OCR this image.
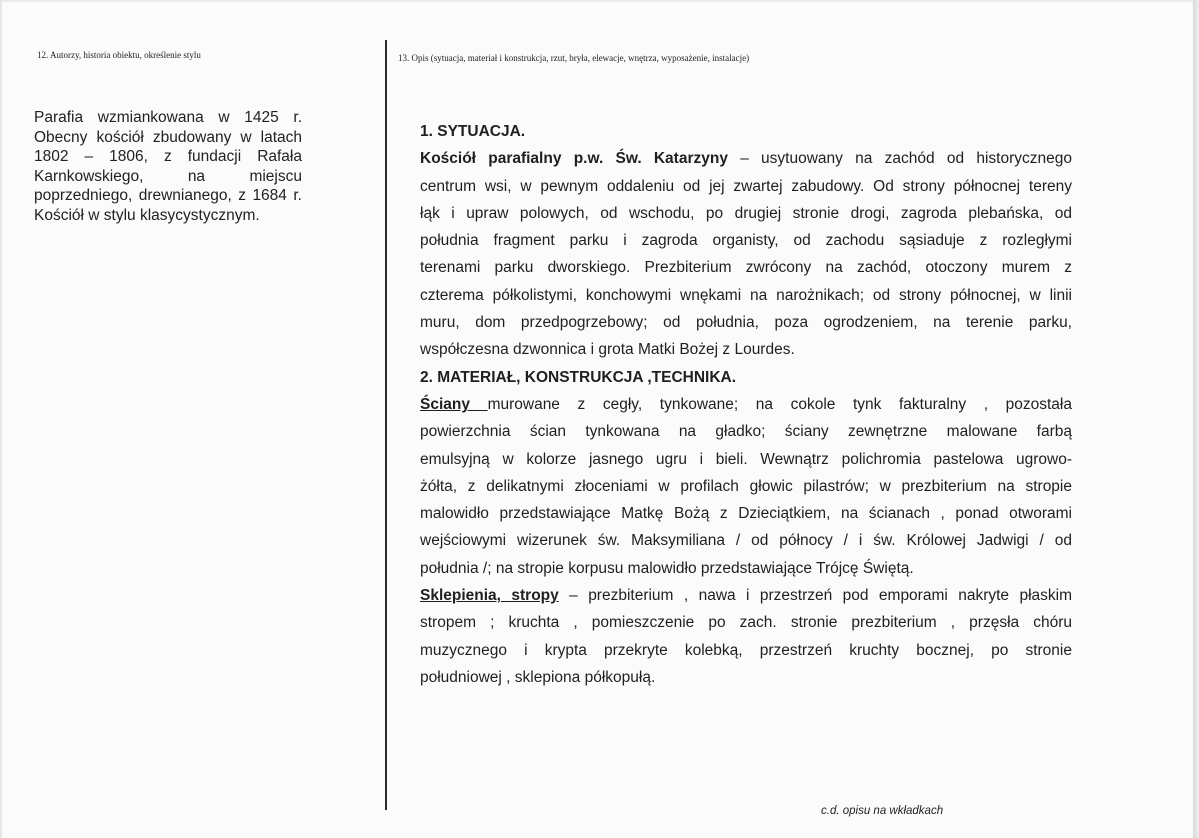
12. Autorzy, historia obiektu, określenie stylu	13. Opis (sytuacja, materiał i konstrukcja, rzut, bryła, elewacje, wnętrza, wyposażenie, instalacje)
Parafia wzmiankowana w 1425 r.
Obecny kościół zbudowany w latach
1802 – 1806, z fundacji Rafała
Karnkowskiego, na miejscu
poprzedniego, drewnianego, z 1684 r.
Kościół w stylu klasycystycznym.
1. SYTUACJA.
Kościół parafialny p.w. Św. Katarzyny – usytuowany na zachód od historycznego
centrum wsi, w pewnym oddaleniu od jej zwartej zabudowy. Od strony północnej tereny
łąk i upraw polowych, od wschodu, po drugiej stronie drogi, zagroda plebańska, od
południa fragment parku i zagroda organisty, od zachodu sąsiaduje z rozległymi
terenami parku dworskiego. Prezbiterium zwrócony na zachód, otoczony murem z
czterema półkolistymi, konchowymi wnękami na narożnikach; od strony północnej, w linii
muru, dom przedpogrzebowy; od południa, poza ogrodzeniem, na terenie parku,
współczesna dzwonnica i grota Matki Bożej z Lourdes.
2. MATERIAŁ, KONSTRUKCJA ,TECHNIKA.
Ściany murowane z cegły, tynkowane; na cokole tynk fakturalny , pozostała
powierzchnia ścian tynkowana na gładko; ściany zewnętrzne malowane farbą
emulsyjną w kolorze jasnego ugru i bieli. Wewnątrz polichromia pastelowa ugrowo-
żółta, z delikatnymi złoceniami w profilach głowic pilastrów; w prezbiterium na stropie
malowidło przedstawiające Matkę Bożą z Dzieciątkiem, na ścianach , ponad otworami
wejściowymi wizerunek św. Maksymiliana / od północy / i św. Królowej Jadwigi / od
południa /; na stropie korpusu malowidło przedstawiające Trójcę Świętą.
Sklepienia, stropy – prezbiterium , nawa i przestrzeń pod emporami nakryte płaskim
stropem ; kruchta , pomieszczenie po zach. stronie prezbiterium , przęsła chóru
muzycznego i krypta przekryte kolebką, przestrzeń kruchty bocznej, po stronie
południowej , sklepiona półkopułą.
c.d. opisu na wkładkach
